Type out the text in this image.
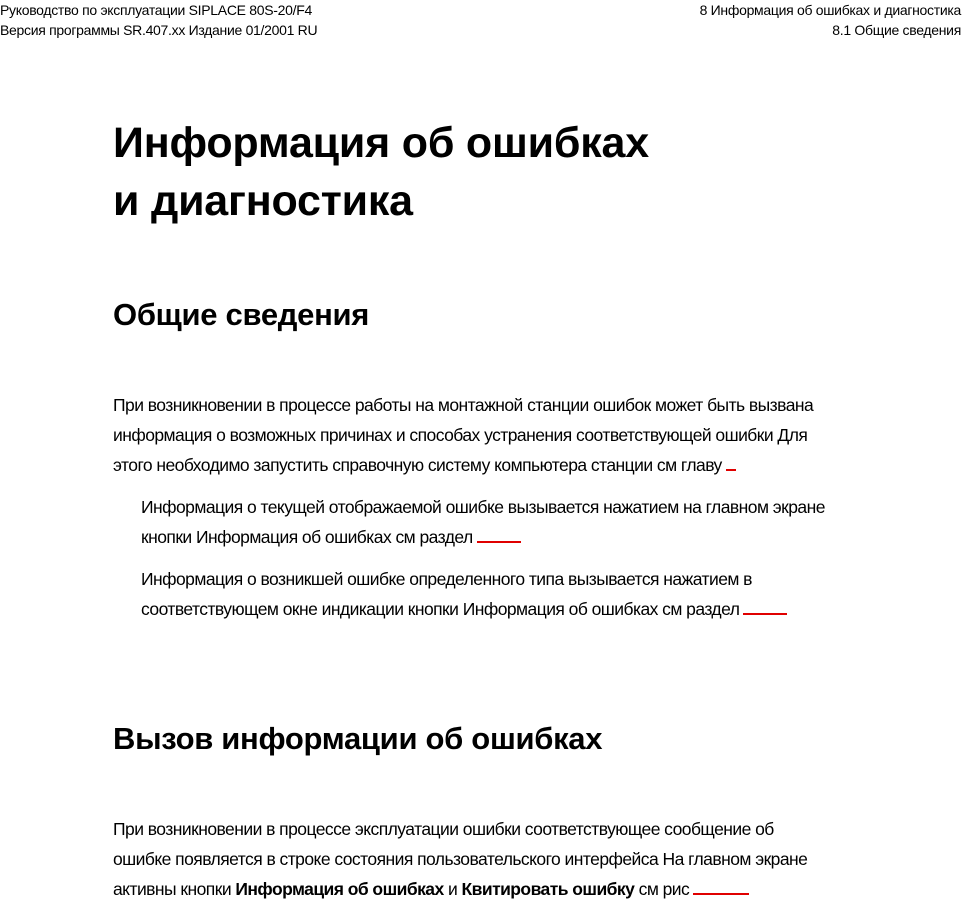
Руководство по эксплуатации SIPLACE 80S-20/F4
Версия программы SR.407.xx Издание 01/2001 RU
8 Информация об ошибках и диагностика
8.1 Общие сведения
Информация об ошибках
и диагностика
Общие сведения
При возникновении в процессе работы на монтажной станции ошибок может быть вызвана
информация о возможных причинах и способах устранения соответствующей ошибки Для
этого необходимо запустить справочную систему компьютера станции см главу
Информация о текущей отображаемой ошибке вызывается нажатием на главном экране
кнопки Информация об ошибках см раздел
Информация о возникшей ошибке определенного типа вызывается нажатием в
соответствующем окне индикации кнопки Информация об ошибках см раздел
Вызов информации об ошибках
При возникновении в процессе эксплуатации ошибки соответствующее сообщение об
ошибке появляется в строке состояния пользовательского интерфейса На главном экране
активны кнопки Информация об ошибках и Квитировать ошибку см рис
